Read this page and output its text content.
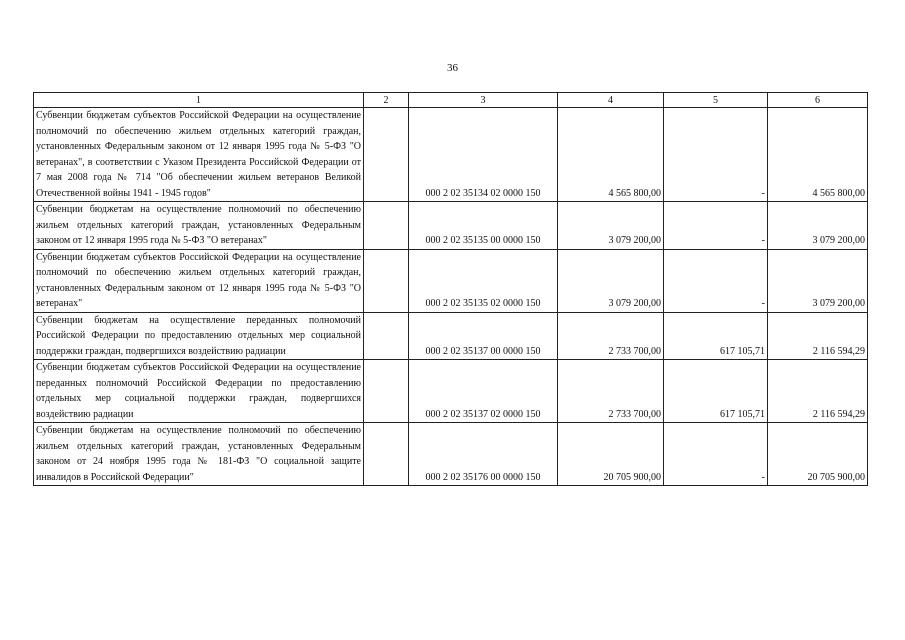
36
1	2	3	4	5	6
Субвенции бюджетам субъектов Российской Федерации на осуществление полномочий по обеспечению жильем отдельных категорий граждан, установленных Федеральным законом от 12 января 1995 года № 5-ФЗ "О ветеранах", в соответствии с Указом Президента Российской Федерации от 7 мая 2008 года № 714 "Об обеспечении жильем ветеранов Великой Отечественной войны 1941 - 1945 годов"		000 2 02 35134 02 0000 150	4 565 800,00	-	4 565 800,00
Субвенции бюджетам на осуществление полномочий по обеспечению жильем отдельных категорий граждан, установленных Федеральным законом от 12 января 1995 года № 5-ФЗ "О ветеранах"		000 2 02 35135 00 0000 150	3 079 200,00	-	3 079 200,00
Субвенции бюджетам субъектов Российской Федерации на осуществление полномочий по обеспечению жильем отдельных категорий граждан, установленных Федеральным законом от 12 января 1995 года № 5-ФЗ "О ветеранах"		000 2 02 35135 02 0000 150	3 079 200,00	-	3 079 200,00
Субвенции бюджетам на осуществление переданных полномочий Российской Федерации по предоставлению отдельных мер социальной поддержки граждан, подвергшихся воздействию радиации		000 2 02 35137 00 0000 150	2 733 700,00	617 105,71	2 116 594,29
Субвенции бюджетам субъектов Российской Федерации на осуществление переданных полномочий Российской Федерации по предоставлению отдельных мер социальной поддержки граждан, подвергшихся воздействию радиации		000 2 02 35137 02 0000 150	2 733 700,00	617 105,71	2 116 594,29
Субвенции бюджетам на осуществление полномочий по обеспечению жильем отдельных категорий граждан, установленных Федеральным законом от 24 ноября 1995 года № 181-ФЗ "О социальной защите инвалидов в Российской Федерации"		000 2 02 35176 00 0000 150	20 705 900,00	-	20 705 900,00
